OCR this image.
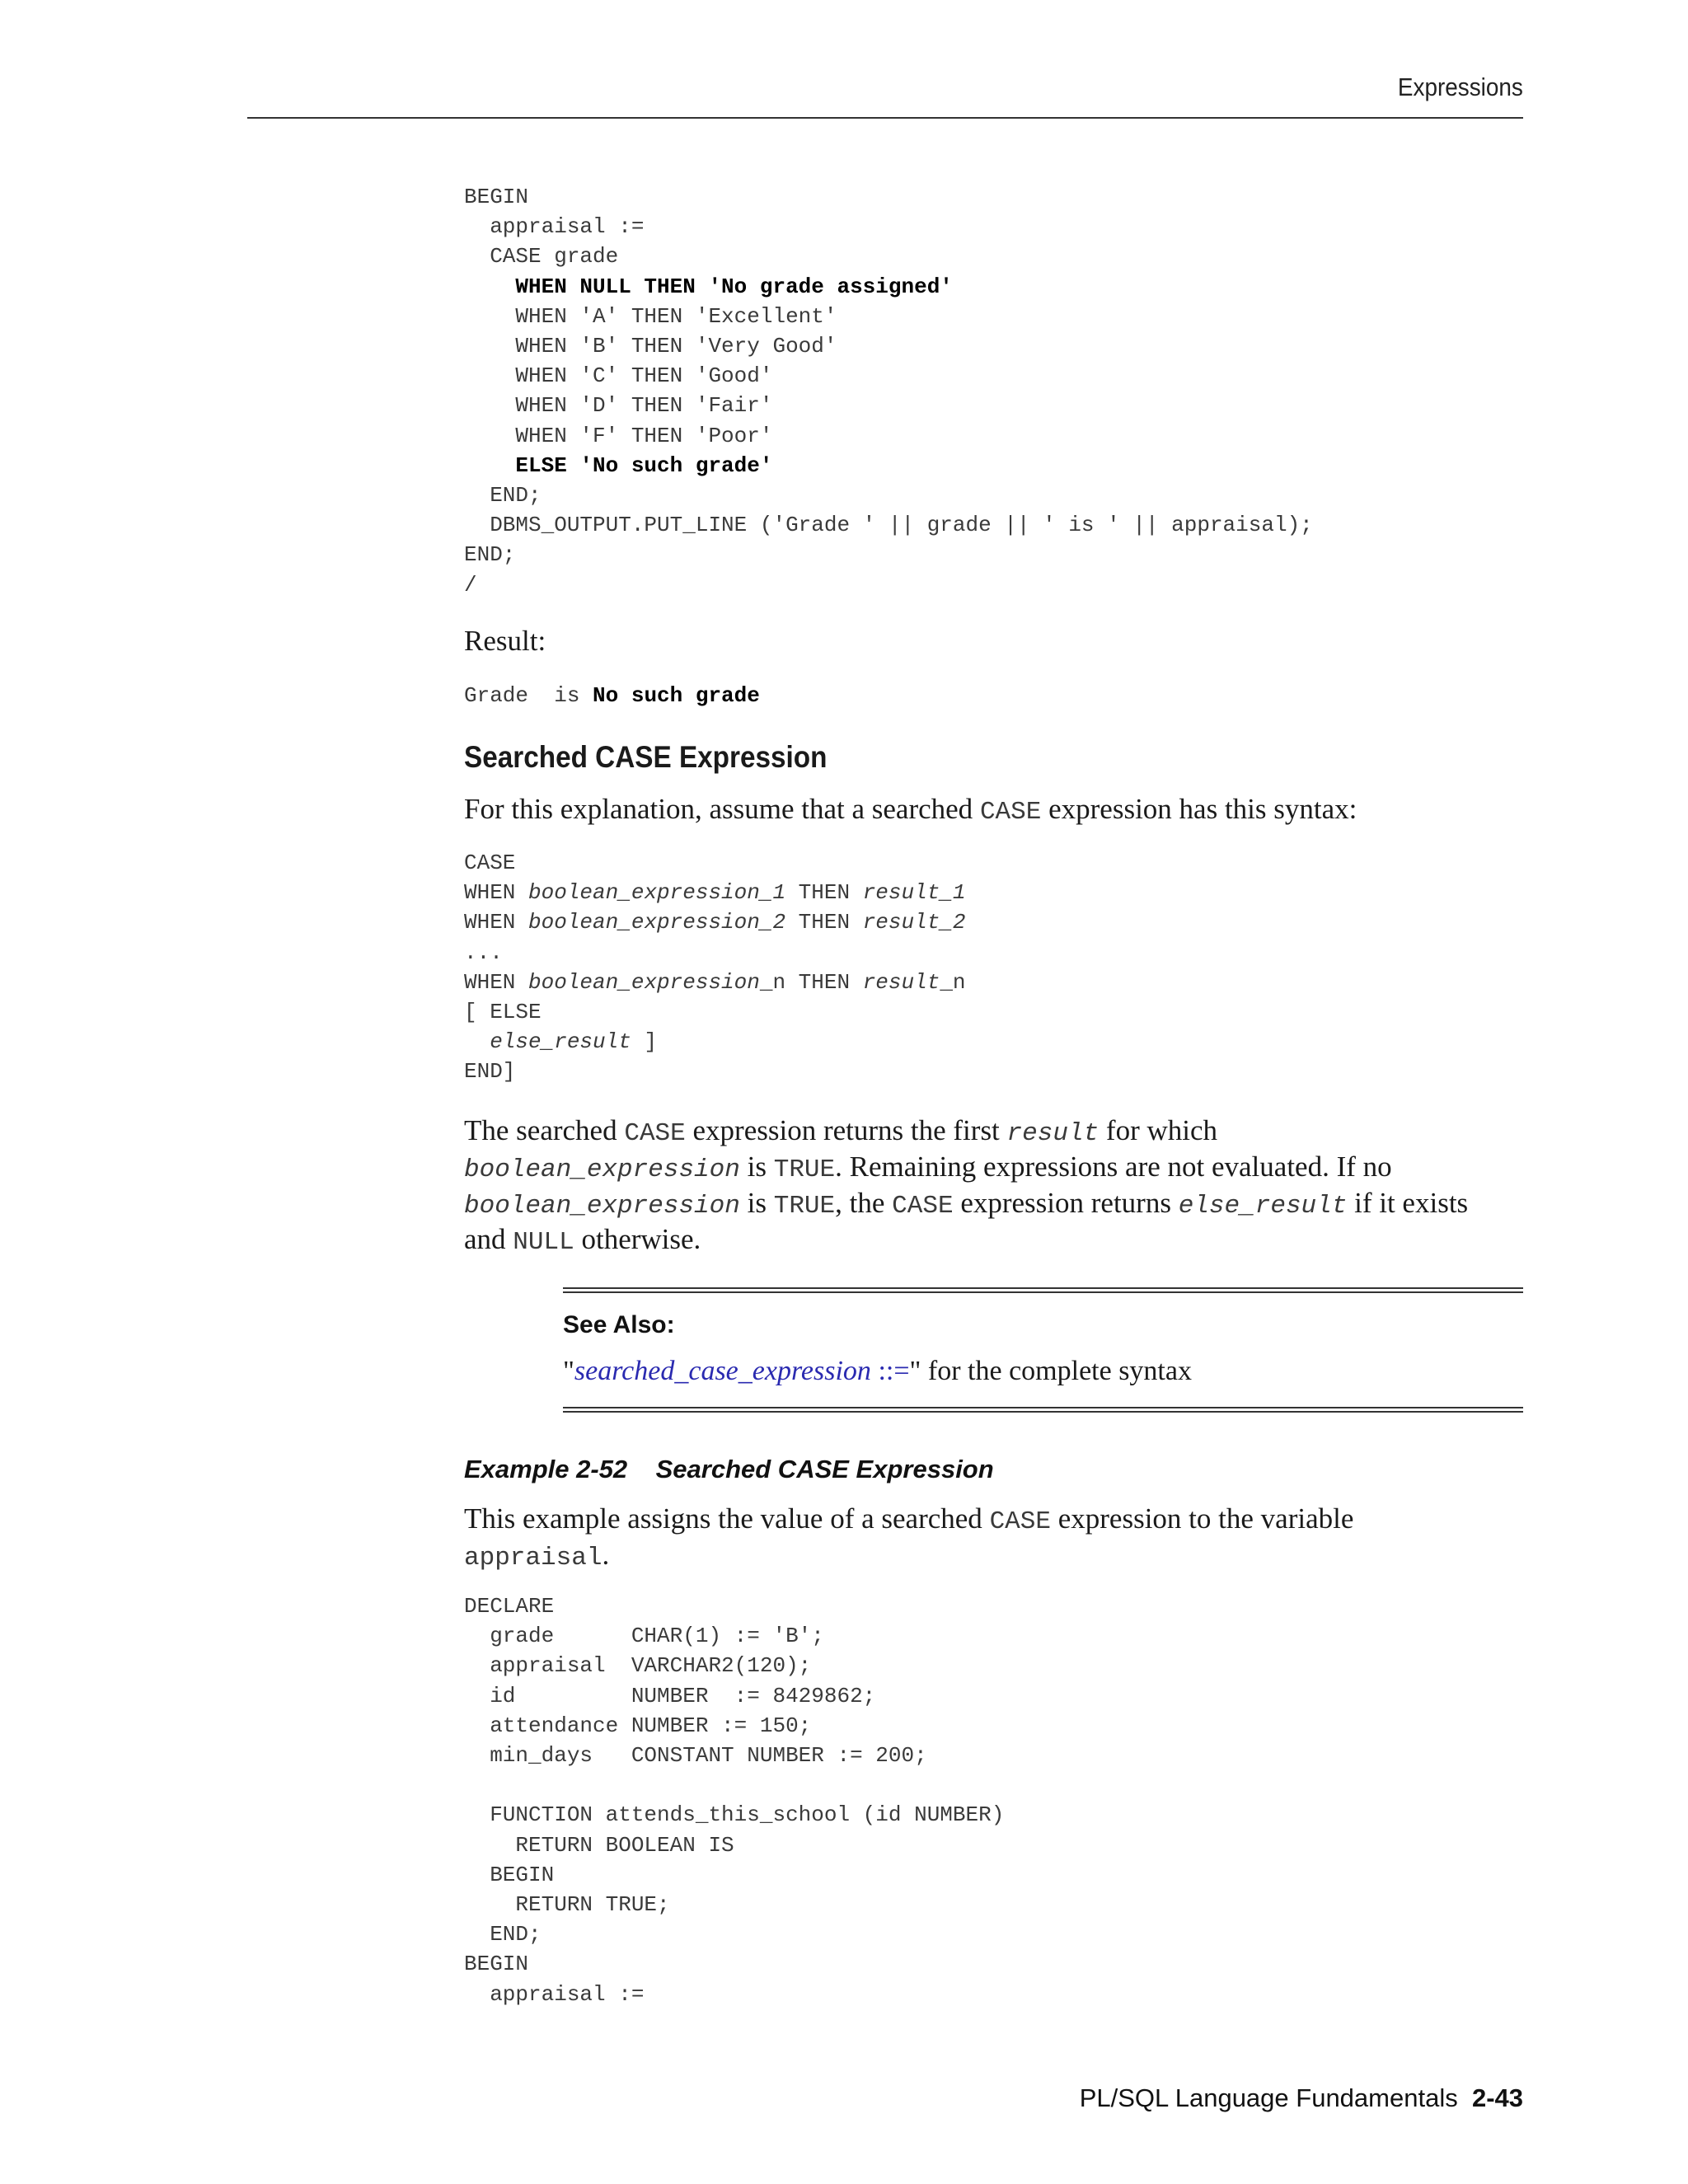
Expressions
BEGIN
appraisal :=
CASE grade
WHEN NULL THEN 'No grade assigned'
WHEN 'A' THEN 'Excellent'
WHEN 'B' THEN 'Very Good'
WHEN 'C' THEN 'Good'
WHEN 'D' THEN 'Fair'
WHEN 'F' THEN 'Poor'
ELSE 'No such grade'
END;
DBMS_OUTPUT.PUT_LINE ('Grade ' || grade || ' is ' || appraisal);
END;
/

Result:

Grade  is No such grade
Searched CASE Expression

For this explanation, assume that a searched CASE expression has this syntax:

CASE
WHEN boolean_expression_1 THEN result_1
WHEN boolean_expression_2 THEN result_2
...
WHEN boolean_expression_n THEN result_n
[ ELSE
else_result ]
END]

The searched CASE expression returns the first result for which
boolean_expression is TRUE. Remaining expressions are not evaluated. If no
boolean_expression is TRUE, the CASE expression returns else_result if it exists and NULL otherwise.

See Also:
"searched_case_expression ::=" for the complete syntax
Example 2-52    Searched CASE Expression

This example assigns the value of a searched CASE expression to the variable
appraisal.

DECLARE
grade      CHAR(1) := 'B';
appraisal  VARCHAR2(120);
id         NUMBER  := 8429862;
attendance NUMBER := 150;
min_days   CONSTANT NUMBER := 200;

FUNCTION attends_this_school (id NUMBER)
RETURN BOOLEAN IS
BEGIN
RETURN TRUE;
END;
BEGIN
appraisal :=
PL/SQL Language Fundamentals 2-43
